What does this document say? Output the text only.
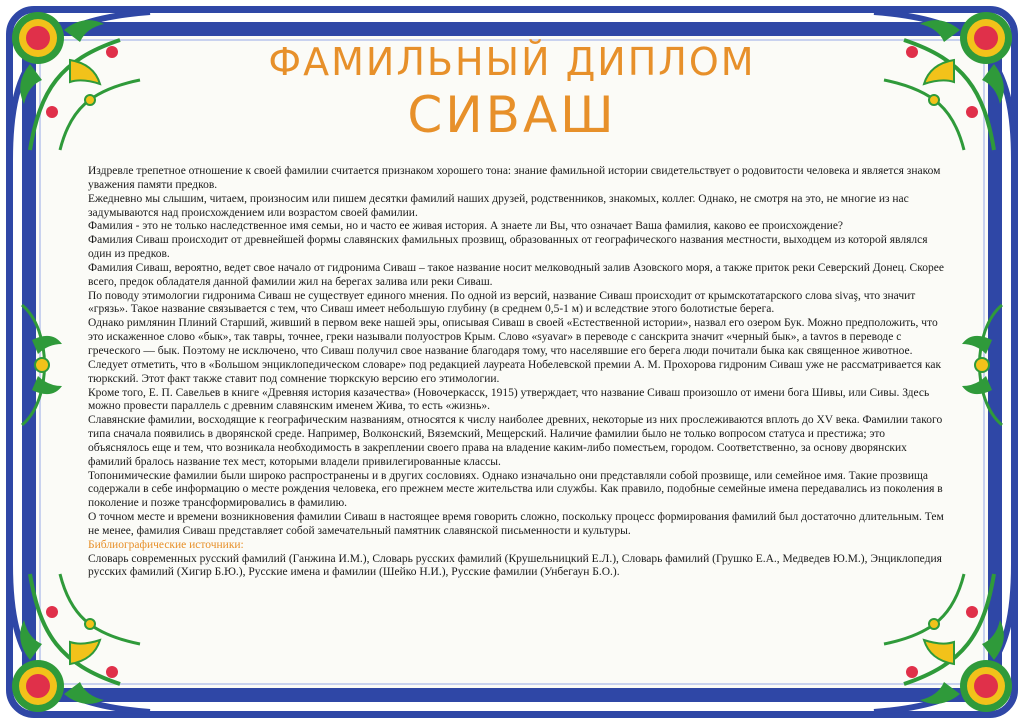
ФАМИЛЬНЫЙ ДИПЛОМ
СИВАШ

Издревле трепетное отношение к своей фамилии считается признаком хорошего тона: знание фамильной истории свидетельствует о родовитости человека и является знаком уважения памяти предков.

Ежедневно мы слышим, читаем, произносим или пишем десятки фамилий наших друзей, родственников, знакомых, коллег. Однако, не смотря на это, не многие из нас задумываются над происхождением или возрастом своей фамилии.

Фамилия - это не только наследственное имя семьи, но и часто ее живая история. А знаете ли Вы, что означает Ваша фамилия, каково ее происхождение?

Фамилия Сиваш происходит от древнейшей формы славянских фамильных прозвищ, образованных от географического названия местности, выходцем из которой являлся один из предков.

Фамилия Сиваш, вероятно, ведет свое начало от гидронима Сиваш – такое название носит мелководный залив Азовского моря, а также приток реки Северский Донец. Скорее всего, предок обладателя данной фамилии жил на берегах залива или реки Сиваш.

По поводу этимологии гидронима Сиваш не существует единого мнения. По одной из версий, название Сиваш происходит от крымскотатарского слова sivaş, что значит «грязь». Такое название связывается с тем, что Сиваш имеет небольшую глубину (в среднем 0,5-1 м) и вследствие этого болотистые берега.

Однако римлянин Плиний Старший, живший в первом веке нашей эры, описывая Сиваш в своей «Естественной истории», назвал его озером Бук. Можно предположить, что это искаженное слово «бык», так тавры, точнее, греки называли полуостров Крым. Слово «syavar» в переводе с санскрита значит «черный бык», а tavros в переводе с греческого — бык. Поэтому не исключено, что Сиваш получил свое название благодаря тому, что населявшие его берега люди почитали быка как священное животное.

Следует отметить, что в «Большом энциклопедическом словаре» под редакцией лауреата Нобелевской премии А. М. Прохорова гидроним Сиваш уже не рассматривается как тюркский. Этот факт также ставит под сомнение тюркскую версию его этимологии.

Кроме того, Е. П. Савельев в книге «Древняя история казачества» (Новочеркасск, 1915) утверждает, что название Сиваш произошло от имени бога Шивы, или Сивы. Здесь можно провести параллель с древним славянским именем Жива, то есть «жизнь».

Славянские фамилии, восходящие к географическим названиям, относятся к числу наиболее древних, некоторые из них прослеживаются вплоть до XV века. Фамилии такого типа сначала появились в дворянской среде. Например, Волконский, Вяземский, Мещерский. Наличие фамилии было не только вопросом статуса и престижа; это объяснялось еще и тем, что возникала необходимость в закреплении своего права на владение каким-либо поместьем, городом. Соответственно, за основу дворянских фамилий бралось название тех мест, которыми владели привилегированные классы.

Топонимические фамилии были широко распространены и в других сословиях. Однако изначально они представляли собой прозвище, или семейное имя. Такие прозвища содержали в себе информацию о месте рождения человека, его прежнем месте жительства или службы. Как правило, подобные семейные имена передавались из поколения в поколение и позже трансформировались в фамилию.

О точном месте и времени возникновения фамилии Сиваш в настоящее время говорить сложно, поскольку процесс формирования фамилий был достаточно длительным. Тем не менее, фамилия Сиваш представляет собой замечательный памятник славянской письменности и культуры.

Библиографические источники:

Словарь современных русский фамилий (Ганжина И.М.), Словарь русских фамилий (Крушельницкий Е.Л.), Словарь фамилий (Грушко Е.А., Медведев Ю.М.), Энциклопедия русских фамилий (Хигир Б.Ю.), Русские имена и фамилии (Шейко Н.И.), Русские фамилии (Унбегаун Б.О.).
